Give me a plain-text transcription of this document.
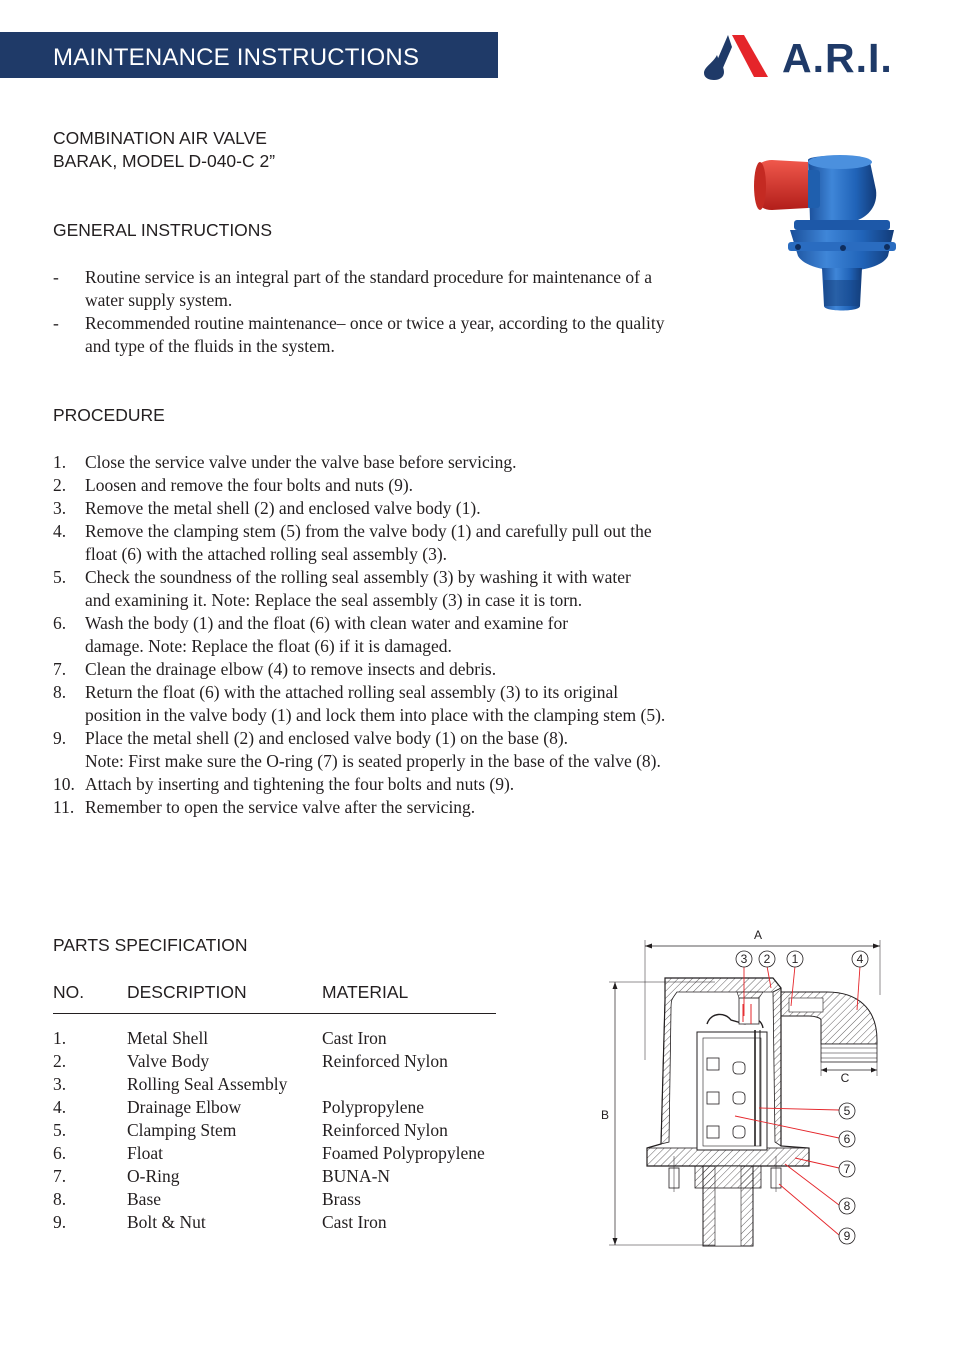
MAINTENANCE INSTRUCTIONS	A.R.I.
COMBINATION AIR VALVE
BARAK, MODEL D-040-C 2”
GENERAL INSTRUCTIONS
- Routine service is an integral part of the standard procedure for maintenance of a
water supply system.
- Recommended routine maintenance– once or twice a year, according to the quality
and type of the fluids in the system.
PROCEDURE
1. Close the service valve under the valve base before servicing.
2. Loosen and remove the four bolts and nuts (9).
3. Remove the metal shell (2) and enclosed valve body (1).
4. Remove the clamping stem (5) from the valve body (1) and carefully pull out the
float (6) with the attached rolling seal assembly (3).
5. Check the soundness of the rolling seal assembly (3) by washing it with water
and examining it. Note: Replace the seal assembly (3) in case it is torn.
6. Wash the body (1) and the float (6) with clean water and examine for
damage. Note: Replace the float (6) if it is damaged.
7. Clean the drainage elbow (4) to remove insects and debris.
8. Return the float (6) with the attached rolling seal assembly (3) to its original
position in the valve body (1) and lock them into place with the clamping stem (5).
9. Place the metal shell (2) and enclosed valve body (1) on the base (8).
Note: First make sure the O-ring (7) is seated properly in the base of the valve (8).
10. Attach by inserting and tightening the four bolts and nuts (9).
11. Remember to open the service valve after the servicing.
PARTS SPECIFICATION
NO. DESCRIPTION	MATERIAL
1.	Metal Shell	Cast Iron
2.	Valve Body	Reinforced Nylon
3.	Rolling Seal Assembly
4.	Drainage Elbow	Polypropylene
5.	Clamping Stem	Reinforced Nylon
6.	Float	Foamed Polypropylene
7.	O-Ring	BUNA-N
8.	Base	Brass
9.	Bolt & Nut	Cast Iron
A
B
C
3 2 1	4
5
6
7
8
9
